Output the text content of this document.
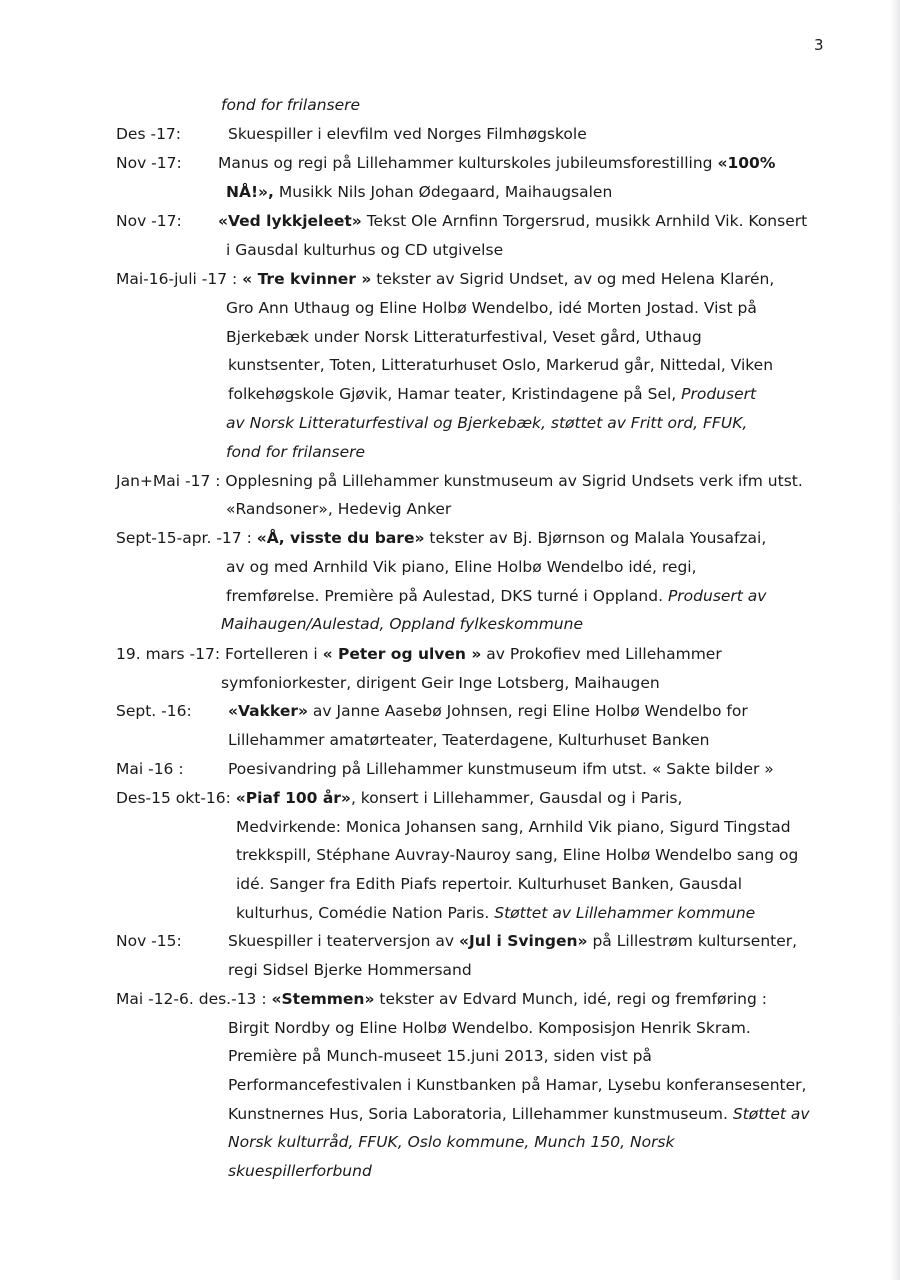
3
fond for frilansere
Des -17:	Skuespiller i elevfilm ved Norges Filmhøgskole
Nov -17: Manus og regi på Lillehammer kulturskoles jubileumsforestilling «100%
NÅ!», Musikk Nils Johan Ødegaard, Maihaugsalen
Nov -17: «Ved lykkjeleet» Tekst Ole Arnfinn Torgersrud, musikk Arnhild Vik. Konsert
i Gausdal kulturhus og CD utgivelse
Mai-16-juli -17 : « Tre kvinner » tekster av Sigrid Undset, av og med Helena Klarén,
Gro Ann Uthaug og Eline Holbø Wendelbo, idé Morten Jostad. Vist på
Bjerkebæk under Norsk Litteraturfestival, Veset gård, Uthaug
kunstsenter, Toten, Litteraturhuset Oslo, Markerud går, Nittedal, Viken
folkehøgskole Gjøvik, Hamar teater, Kristindagene på Sel, Produsert
av Norsk Litteraturfestival og Bjerkebæk, støttet av Fritt ord, FFUK,
fond for frilansere
Jan+Mai -17 : Opplesning på Lillehammer kunstmuseum av Sigrid Undsets verk ifm utst.
«Randsoner», Hedevig Anker
Sept-15-apr. -17 : «Å, visste du bare» tekster av Bj. Bjørnson og Malala Yousafzai,
av og med Arnhild Vik piano, Eline Holbø Wendelbo idé, regi,
fremførelse. Première på Aulestad, DKS turné i Oppland. Produsert av
Maihaugen/Aulestad, Oppland fylkeskommune
19. mars -17: Fortelleren i « Peter og ulven » av Prokofiev med Lillehammer
symfoniorkester, dirigent Geir Inge Lotsberg, Maihaugen
Sept. -16: «Vakker» av Janne Aasebø Johnsen, regi Eline Holbø Wendelbo for
Lillehammer amatørteater, Teaterdagene, Kulturhuset Banken
Mai -16 :	Poesivandring på Lillehammer kunstmuseum ifm utst. « Sakte bilder »
Des-15 okt-16: «Piaf 100 år», konsert i Lillehammer, Gausdal og i Paris,
Medvirkende: Monica Johansen sang, Arnhild Vik piano, Sigurd Tingstad
trekkspill, Stéphane Auvray-Nauroy sang, Eline Holbø Wendelbo sang og
idé. Sanger fra Edith Piafs repertoir. Kulturhuset Banken, Gausdal
kulturhus, Comédie Nation Paris. Støttet av Lillehammer kommune
Nov -15:	Skuespiller i teaterversjon av «Jul i Svingen» på Lillestrøm kultursenter,
regi Sidsel Bjerke Hommersand
Mai -12-6. des.-13 : «Stemmen» tekster av Edvard Munch, idé, regi og fremføring :
Birgit Nordby og Eline Holbø Wendelbo. Komposisjon Henrik Skram.
Première på Munch-museet 15.juni 2013, siden vist på
Performancefestivalen i Kunstbanken på Hamar, Lysebu konferansesenter,
Kunstnernes Hus, Soria Laboratoria, Lillehammer kunstmuseum. Støttet av
Norsk kulturråd, FFUK, Oslo kommune, Munch 150, Norsk
skuespillerforbund
